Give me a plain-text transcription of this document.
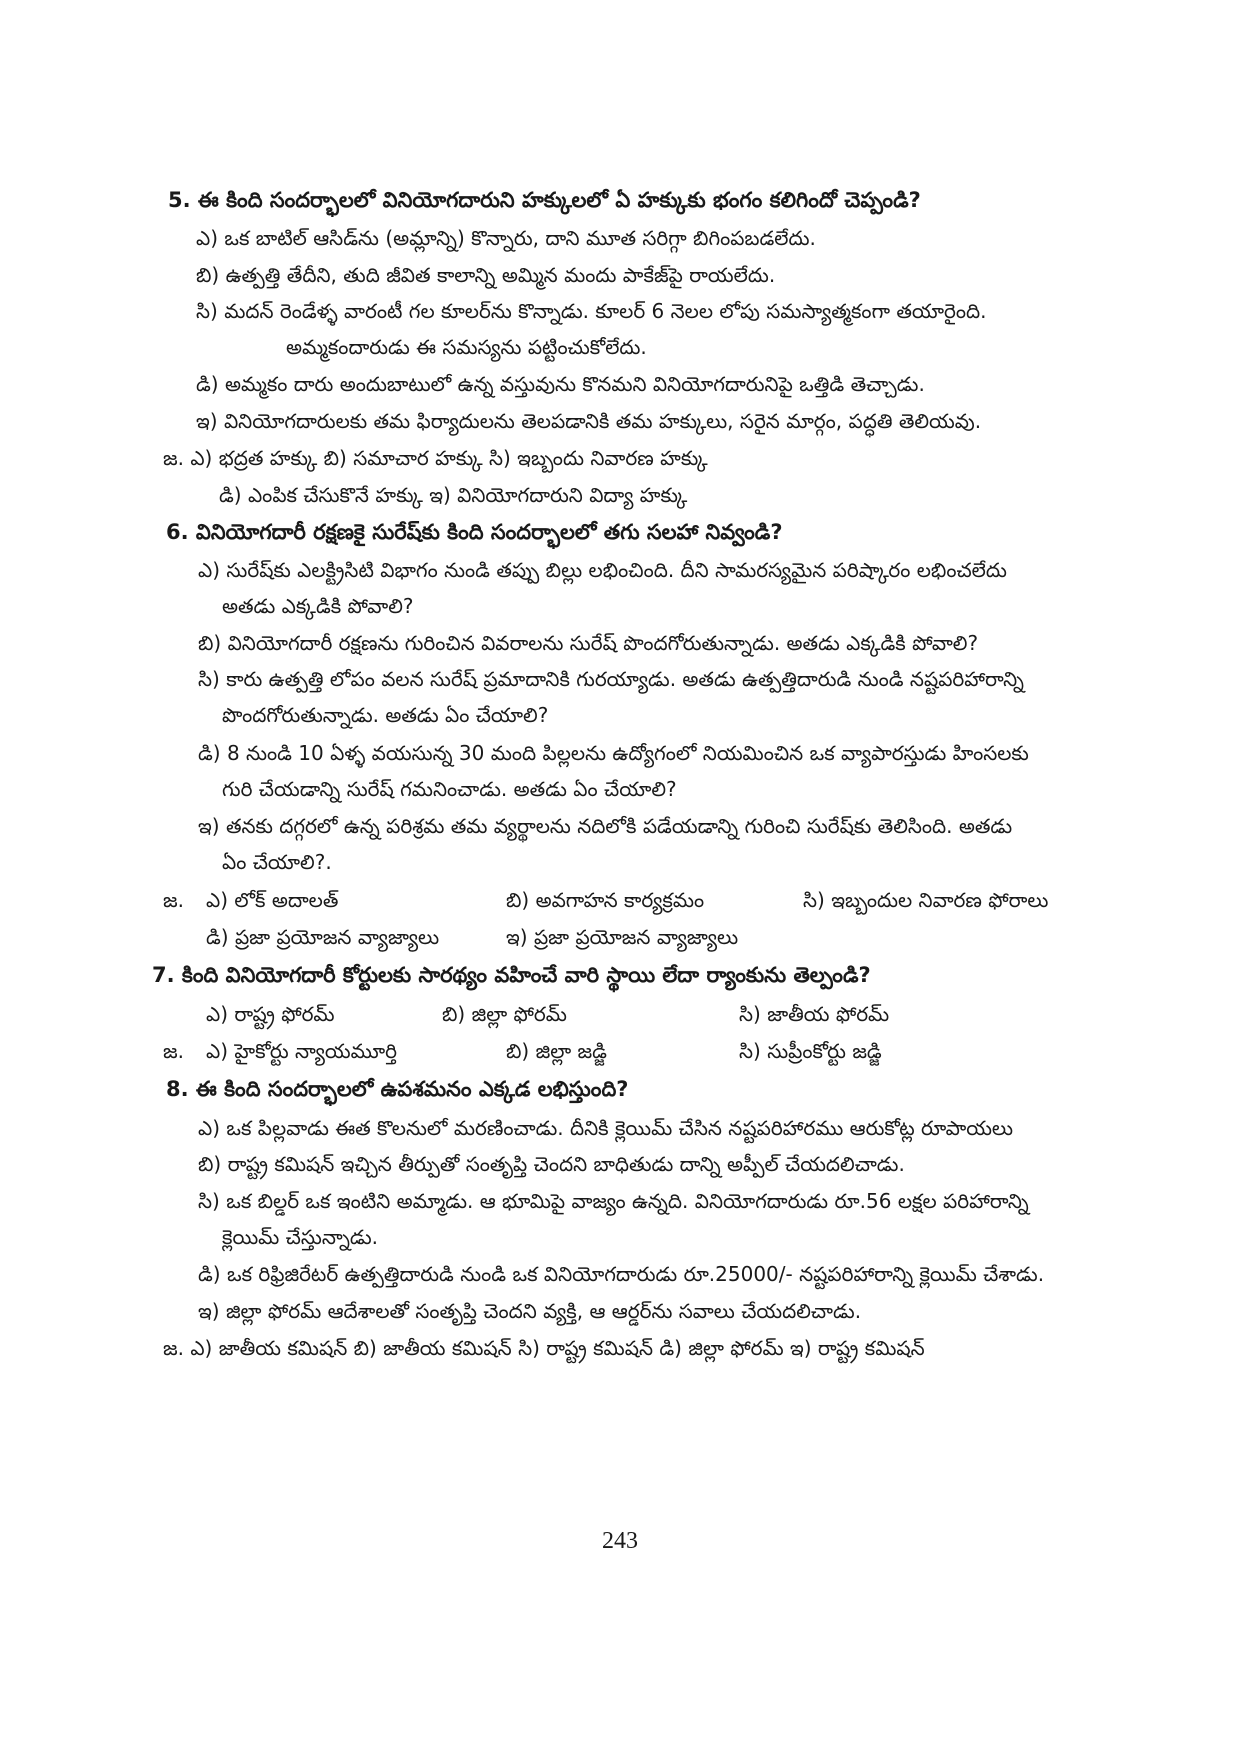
5. ఈ కింది సందర్భాలలో వినియోగదారుని హక్కులలో ఏ హక్కుకు భంగం కలిగిందో చెప్పండి?
ఎ) ఒక బాటిల్ ఆసిడ్‌ను (అమ్లాన్ని) కొన్నారు, దాని మూత సరిగ్గా బిగింపబడలేదు.
బి) ఉత్పత్తి తేదీని, తుది జీవిత కాలాన్ని అమ్మిన మందు పాకేజ్‌పై రాయలేదు.
సి) మదన్ రెండేళ్ళ వారంటీ గల కూలర్‌ను కొన్నాడు. కూలర్ 6 నెలల లోపు సమస్యాత్మకంగా తయారైంది.
అమ్మకందారుడు ఈ సమస్యను పట్టించుకోలేదు.
డి) అమ్మకం దారు అందుబాటులో ఉన్న వస్తువును కొనమని వినియోగదారునిపై ఒత్తిడి తెచ్చాడు.
ఇ) వినియోగదారులకు తమ ఫిర్యాదులను తెలపడానికి తమ హక్కులు, సరైన మార్గం, పద్ధతి తెలియవు.
జ. ఎ) భద్రత హక్కు బి) సమాచార హక్కు సి) ఇబ్బందు నివారణ హక్కు
డి) ఎంపిక చేసుకొనే హక్కు ఇ) వినియోగదారుని విద్యా హక్కు
6. వినియోగదారీ రక్షణకై సురేష్‌కు కింది సందర్భాలలో తగు సలహా నివ్వండి?
ఎ) సురేష్‌కు ఎలక్ట్రిసిటి విభాగం నుండి తప్పు బిల్లు లభించింది. దీని సామరస్యమైన పరిష్కారం లభించలేదు
అతడు ఎక్కడికి పోవాలి?
బి) వినియోగదారీ రక్షణను గురించిన వివరాలను సురేష్ పొందగోరుతున్నాడు. అతడు ఎక్కడికి పోవాలి?
సి) కారు ఉత్పత్తి లోపం వలన సురేష్ ప్రమాదానికి గురయ్యాడు. అతడు ఉత్పత్తిదారుడి నుండి నష్టపరిహారాన్ని
పొందగోరుతున్నాడు. అతడు ఏం చేయాలి?
డి) 8 నుండి 10 ఏళ్ళ వయసున్న 30 మంది పిల్లలను ఉద్యోగంలో నియమించిన ఒక వ్యాపారస్తుడు హింసలకు
గురి చేయడాన్ని సురేష్ గమనించాడు. అతడు ఏం చేయాలి?
ఇ) తనకు దగ్గరలో ఉన్న పరిశ్రమ తమ వ్యర్థాలను నదిలోకి పడేయడాన్ని గురించి సురేష్‌కు తెలిసింది. అతడు
ఏం చేయాలి?.
జ. ఎ) లోక్ అదాలత్	బి) అవగాహన కార్యక్రమం	సి) ఇబ్బందుల నివారణ ఫోరాలు
డి) ప్రజా ప్రయోజన వ్యాజ్యాలు	ఇ) ప్రజా ప్రయోజన వ్యాజ్యాలు
7. కింది వినియోగదారీ కోర్టులకు సారథ్యం వహించే వారి స్థాయి లేదా ర్యాంకును తెల్పండి?
ఎ) రాష్ట్ర ఫోరమ్	బి) జిల్లా ఫోరమ్	సి) జాతీయ ఫోరమ్
జ. ఎ) హైకోర్టు న్యాయమూర్తి	బి) జిల్లా జడ్జి	సి) సుప్రీంకోర్టు జడ్జి
8. ఈ కింది సందర్భాలలో ఉపశమనం ఎక్కడ లభిస్తుంది?
ఎ) ఒక పిల్లవాడు ఈత కొలనులో మరణించాడు. దీనికి క్లెయిమ్ చేసిన నష్టపరిహారము ఆరుకోట్ల రూపాయలు
బి) రాష్ట్ర కమిషన్ ఇచ్చిన తీర్పుతో సంతృప్తి చెందని బాధితుడు దాన్ని అప్పీల్ చేయదలిచాడు.
సి) ఒక బిల్డర్ ఒక ఇంటిని అమ్మాడు. ఆ భూమిపై వాజ్యం ఉన్నది. వినియోగదారుడు రూ.56 లక్షల పరిహారాన్ని
క్లెయిమ్ చేస్తున్నాడు.
డి) ఒక రిఫ్రిజిరేటర్ ఉత్పత్తిదారుడి నుండి ఒక వినియోగదారుడు రూ.25000/- నష్టపరిహారాన్ని క్లెయిమ్ చేశాడు.
ఇ) జిల్లా ఫోరమ్ ఆదేశాలతో సంతృప్తి చెందని వ్యక్తి, ఆ ఆర్డర్‌ను సవాలు చేయదలిచాడు.
జ. ఎ) జాతీయ కమిషన్ బి) జాతీయ కమిషన్ సి) రాష్ట్ర కమిషన్ డి) జిల్లా ఫోరమ్ ఇ) రాష్ట్ర కమిషన్
243
